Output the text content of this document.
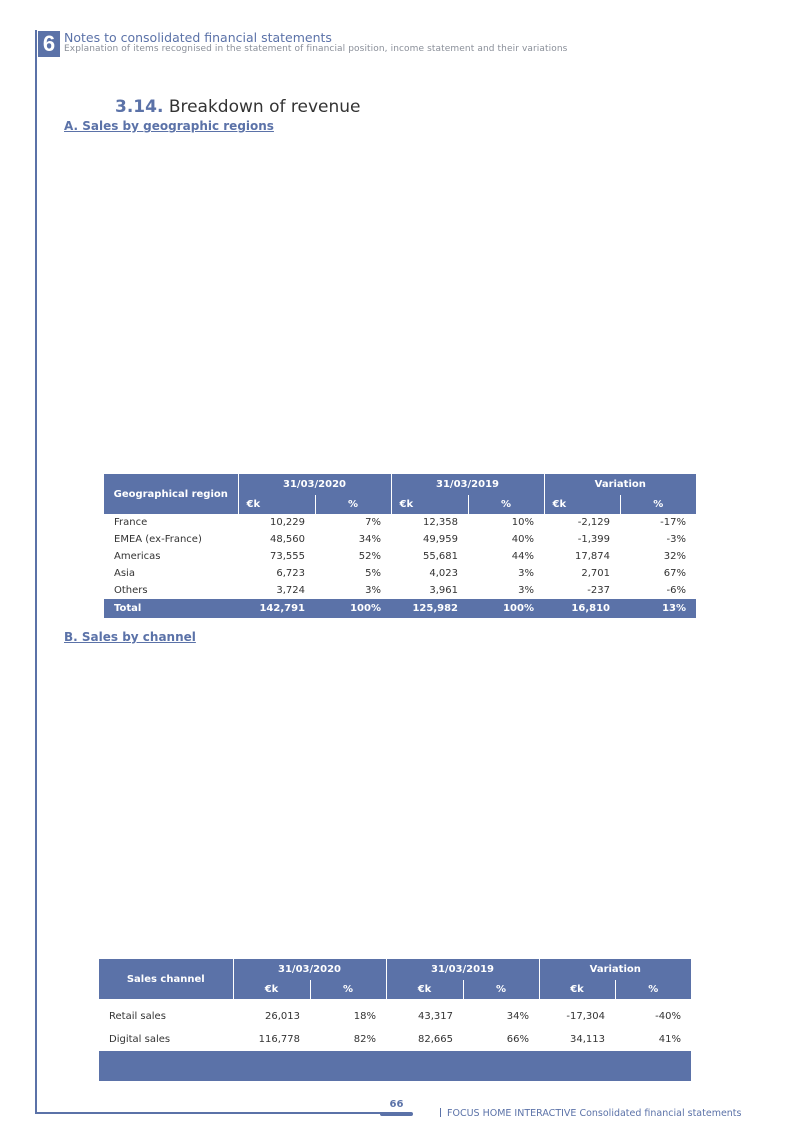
6 Notes to consolidated financial statements
Explanation of items recognised in the statement of financial position, income statement and their variations
3.14. Breakdown of revenue
A. Sales by geographic regions
Geographical region	31/03/2020		31/03/2019		Variation	
	€k	%	€k	%	€k	%
France	10,229	7%	12,358	10%	-2,129	-17%
EMEA (ex-France)	48,560	34%	49,959	40%	-1,399	-3%
Americas	73,555	52%	55,681	44%	17,874	32%
Asia	6,723	5%	4,023	3%	2,701	67%
Others	3,724	3%	3,961	3%	-237	-6%
Total	142,791	100%	125,982	100%	16,810	13%
B. Sales by channel
Sales channel	31/03/2020		31/03/2019		Variation	
	€k	%	€k	%	€k	%

Retail sales	26,013	18%	43,317	34%	-17,304	-40%
Digital sales	116,778	82%	82,665	66%	34,113	41%

66
FOCUS HOME INTERACTIVE Consolidated financial statements
